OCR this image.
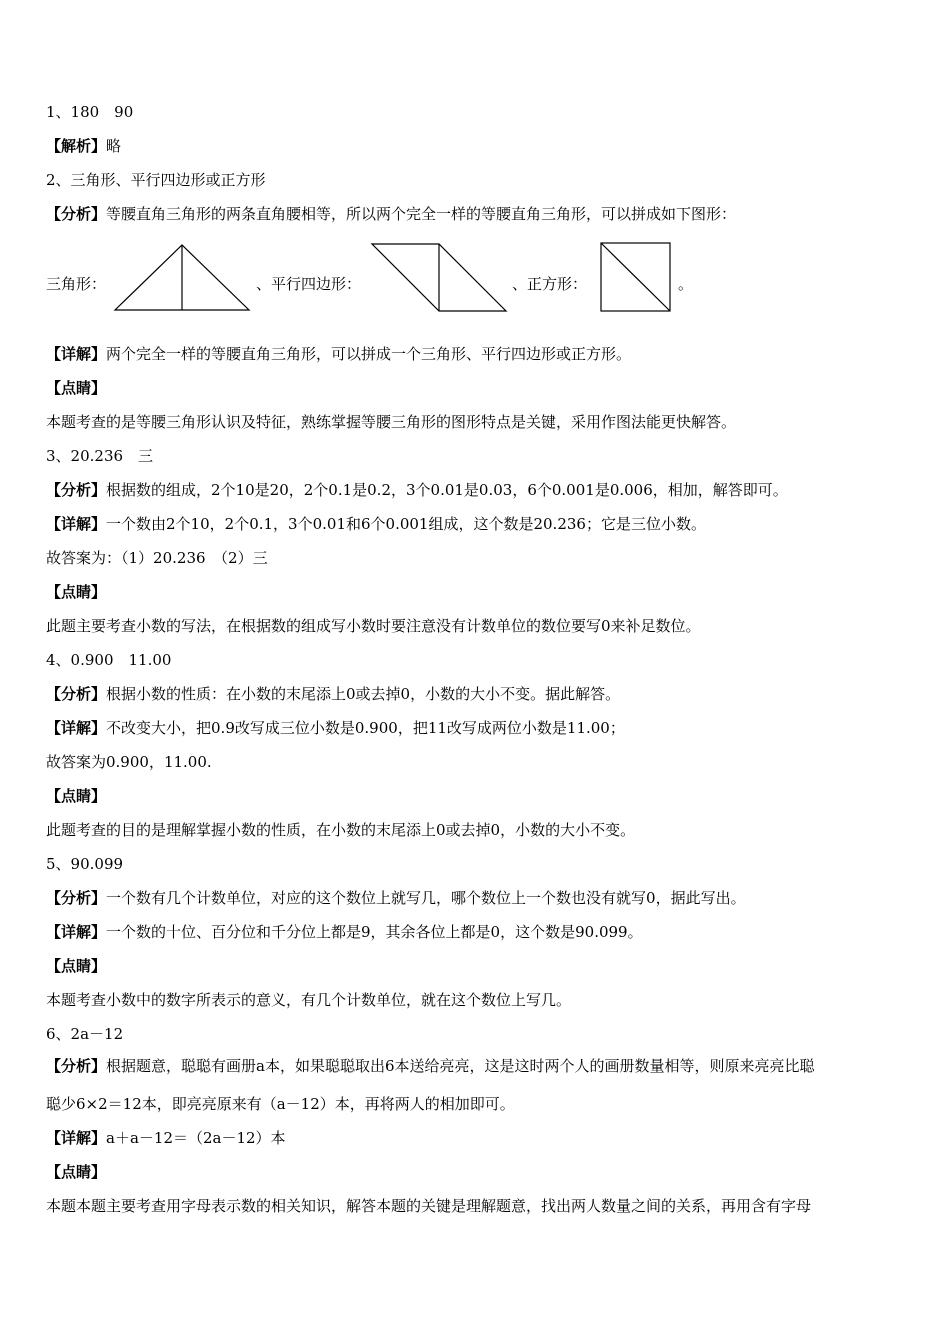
1、180　90
【解析】略
2、三角形、平行四边形或正方形
【分析】等腰直角三角形的两条直角腰相等，所以两个完全一样的等腰直角三角形，可以拼成如下图形：
【详解】两个完全一样的等腰直角三角形，可以拼成一个三角形、平行四边形或正方形。
【点睛】
本题考查的是等腰三角形认识及特征，熟练掌握等腰三角形的图形特点是关键，采用作图法能更快解答。
3、20.236　三
【分析】根据数的组成，2个10是20，2个0.1是0.2，3个0.01是0.03，6个0.001是0.006，相加，解答即可。
【详解】一个数由2个10，2个0.1，3个0.01和6个0.001组成，这个数是20.236；它是三位小数。
故答案为：（1）20.236　（2）三
【点睛】
此题主要考查小数的写法，在根据数的组成写小数时要注意没有计数单位的数位要写0来补足数位。
4、0.900　11.00
【分析】根据小数的性质：在小数的末尾添上0或去掉0，小数的大小不变。据此解答。
【详解】不改变大小，把0.9改写成三位小数是0.900，把11改写成两位小数是11.00；
故答案为0.900，11.00.
【点睛】
此题考查的目的是理解掌握小数的性质，在小数的末尾添上0或去掉0，小数的大小不变。
5、90.099
【分析】一个数有几个计数单位，对应的这个数位上就写几，哪个数位上一个数也没有就写0，据此写出。
【详解】一个数的十位、百分位和千分位上都是9，其余各位上都是0，这个数是90.099。
【点睛】
本题考查小数中的数字所表示的意义，有几个计数单位，就在这个数位上写几。
6、2a－12
【分析】根据题意，聪聪有画册a本，如果聪聪取出6本送给亮亮，这是这时两个人的画册数量相等，则原来亮亮比聪
聪少6×2＝12本，即亮亮原来有（a－12）本，再将两人的相加即可。
【详解】a＋a－12＝（2a－12）本
【点睛】
本题本题主要考查用字母表示数的相关知识，解答本题的关键是理解题意，找出两人数量之间的关系，再用含有字母
三角形：	、平行四边形：	、正方形：	。
